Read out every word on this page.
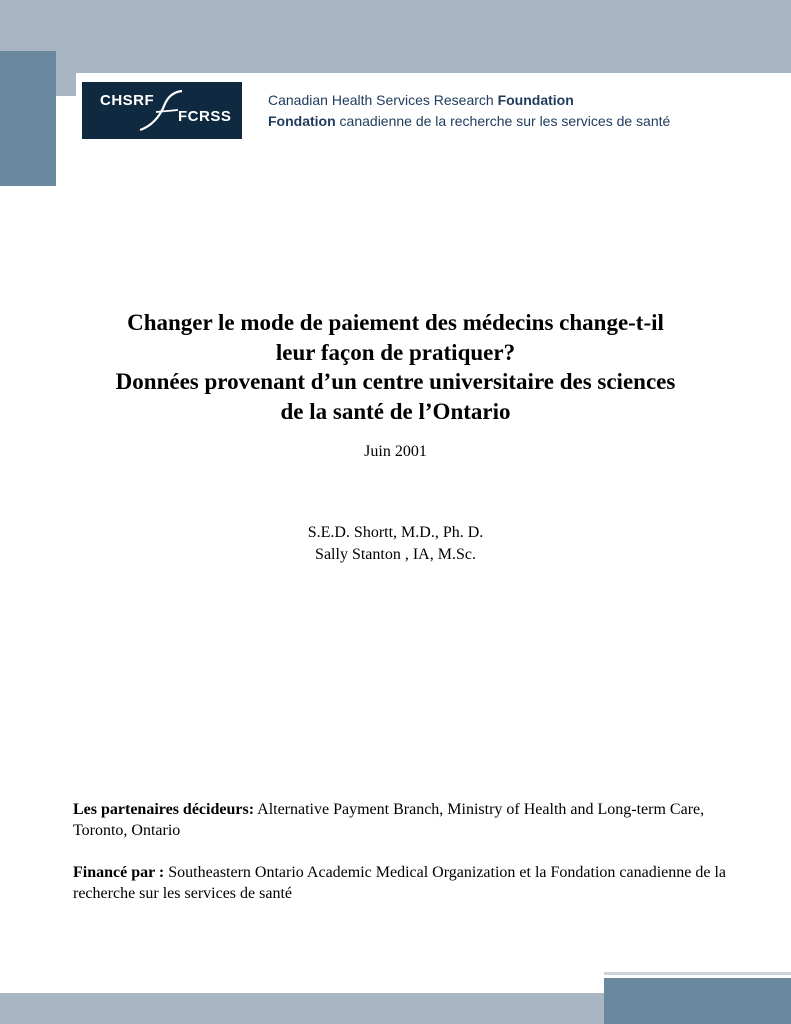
CHSRF
FCRSS
Canadian Health Services Research Foundation
Fondation canadienne de la recherche sur les services de santé
Changer le mode de paiement des médecins change-t-il
leur façon de pratiquer?
Données provenant d’un centre universitaire des sciences
de la santé de l’Ontario
Juin 2001
S.E.D. Shortt, M.D., Ph. D.
Sally Stanton , IA, M.Sc.
Les partenaires décideurs: Alternative Payment Branch, Ministry of Health and Long-term Care, Toronto, Ontario
Financé par : Southeastern Ontario Academic Medical Organization et la Fondation canadienne de la recherche sur les services de santé
